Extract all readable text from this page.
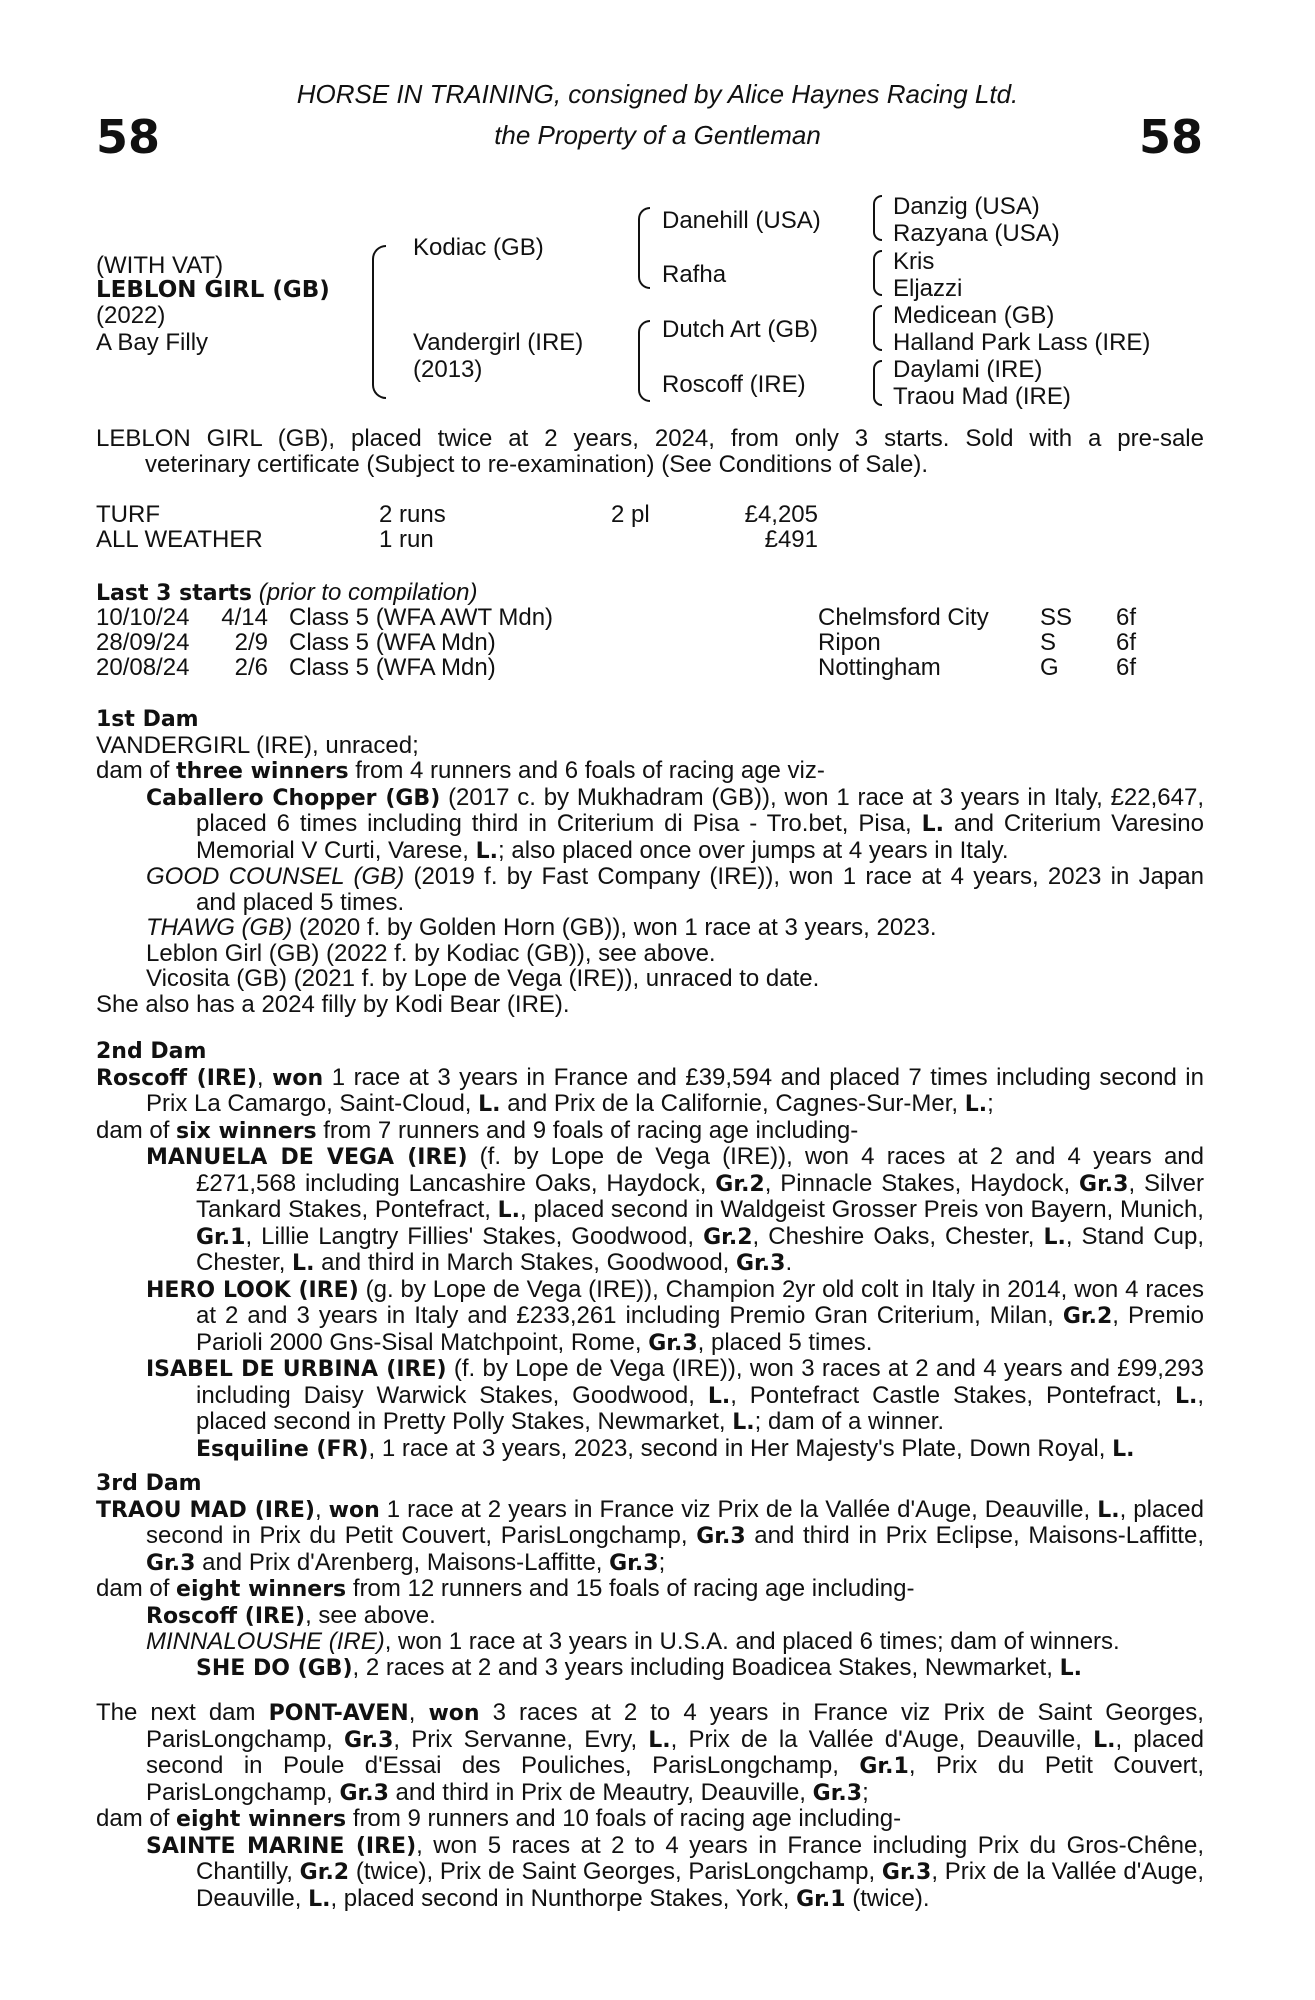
58	58
HORSE IN TRAINING, consigned by Alice Haynes Racing Ltd.
the Property of a Gentleman
(WITH VAT)
LEBLON GIRL (GB)
(2022)
A Bay Filly
Kodiac (GB)
Vandergirl (IRE)
(2013)
Danehill (USA)
Rafha
Dutch Art (GB)
Roscoff (IRE)
Danzig (USA)
Razyana (USA)
Kris
Eljazzi
Medicean (GB)
Halland Park Lass (IRE)
Daylami (IRE)
Traou Mad (IRE)
LEBLON GIRL (GB), placed twice at 2 years, 2024, from only 3 starts. Sold with a pre-sale
veterinary certificate (Subject to re-examination) (See Conditions of Sale).
TURF	2 runs	2 pl	£4,205
ALL WEATHER	1 run	£491
Last 3 starts (prior to compilation)
10/10/24	4/14 Class 5 (WFA AWT Mdn)	Chelmsford City SS 6f
28/09/24	2/9 Class 5 (WFA Mdn)	Ripon	S 6f
20/08/24	2/6 Class 5 (WFA Mdn)	Nottingham	G 6f
1st Dam
VANDERGIRL (IRE), unraced;
dam of three winners from 4 runners and 6 foals of racing age viz-
Caballero Chopper (GB) (2017 c. by Mukhadram (GB)), won 1 race at 3 years in Italy, £22,647, placed 6 times including third in Criterium di Pisa - Tro.bet, Pisa, L. and Criterium Varesino Memorial V Curti, Varese, L.; also placed once over jumps at 4 years in Italy.
GOOD COUNSEL (GB) (2019 f. by Fast Company (IRE)), won 1 race at 4 years, 2023 in Japan and placed 5 times.
THAWG (GB) (2020 f. by Golden Horn (GB)), won 1 race at 3 years, 2023.
Leblon Girl (GB) (2022 f. by Kodiac (GB)), see above.
Vicosita (GB) (2021 f. by Lope de Vega (IRE)), unraced to date.
She also has a 2024 filly by Kodi Bear (IRE).
2nd Dam
Roscoff (IRE), won 1 race at 3 years in France and £39,594 and placed 7 times including second in Prix La Camargo, Saint-Cloud, L. and Prix de la Californie, Cagnes-Sur-Mer, L.;
dam of six winners from 7 runners and 9 foals of racing age including-
MANUELA DE VEGA (IRE) (f. by Lope de Vega (IRE)), won 4 races at 2 and 4 years and £271,568 including Lancashire Oaks, Haydock, Gr.2, Pinnacle Stakes, Haydock, Gr.3, Silver Tankard Stakes, Pontefract, L., placed second in Waldgeist Grosser Preis von Bayern, Munich, Gr.1, Lillie Langtry Fillies' Stakes, Goodwood, Gr.2, Cheshire Oaks, Chester, L., Stand Cup, Chester, L. and third in March Stakes, Goodwood, Gr.3.
HERO LOOK (IRE) (g. by Lope de Vega (IRE)), Champion 2yr old colt in Italy in 2014, won 4 races at 2 and 3 years in Italy and £233,261 including Premio Gran Criterium, Milan, Gr.2, Premio Parioli 2000 Gns-Sisal Matchpoint, Rome, Gr.3, placed 5 times.
ISABEL DE URBINA (IRE) (f. by Lope de Vega (IRE)), won 3 races at 2 and 4 years and £99,293 including Daisy Warwick Stakes, Goodwood, L., Pontefract Castle Stakes, Pontefract, L., placed second in Pretty Polly Stakes, Newmarket, L.; dam of a winner.
Esquiline (FR), 1 race at 3 years, 2023, second in Her Majesty's Plate, Down Royal, L.
3rd Dam
TRAOU MAD (IRE), won 1 race at 2 years in France viz Prix de la Vallée d'Auge, Deauville, L., placed second in Prix du Petit Couvert, ParisLongchamp, Gr.3 and third in Prix Eclipse, Maisons-Laffitte, Gr.3 and Prix d'Arenberg, Maisons-Laffitte, Gr.3;
dam of eight winners from 12 runners and 15 foals of racing age including-
Roscoff (IRE), see above.
MINNALOUSHE (IRE), won 1 race at 3 years in U.S.A. and placed 6 times; dam of winners.
SHE DO (GB), 2 races at 2 and 3 years including Boadicea Stakes, Newmarket, L.
The next dam PONT-AVEN, won 3 races at 2 to 4 years in France viz Prix de Saint Georges, ParisLongchamp, Gr.3, Prix Servanne, Evry, L., Prix de la Vallée d'Auge, Deauville, L., placed second in Poule d'Essai des Pouliches, ParisLongchamp, Gr.1, Prix du Petit Couvert, ParisLongchamp, Gr.3 and third in Prix de Meautry, Deauville, Gr.3;
dam of eight winners from 9 runners and 10 foals of racing age including-
SAINTE MARINE (IRE), won 5 races at 2 to 4 years in France including Prix du Gros-Chêne, Chantilly, Gr.2 (twice), Prix de Saint Georges, ParisLongchamp, Gr.3, Prix de la Vallée d'Auge, Deauville, L., placed second in Nunthorpe Stakes, York, Gr.1 (twice).
